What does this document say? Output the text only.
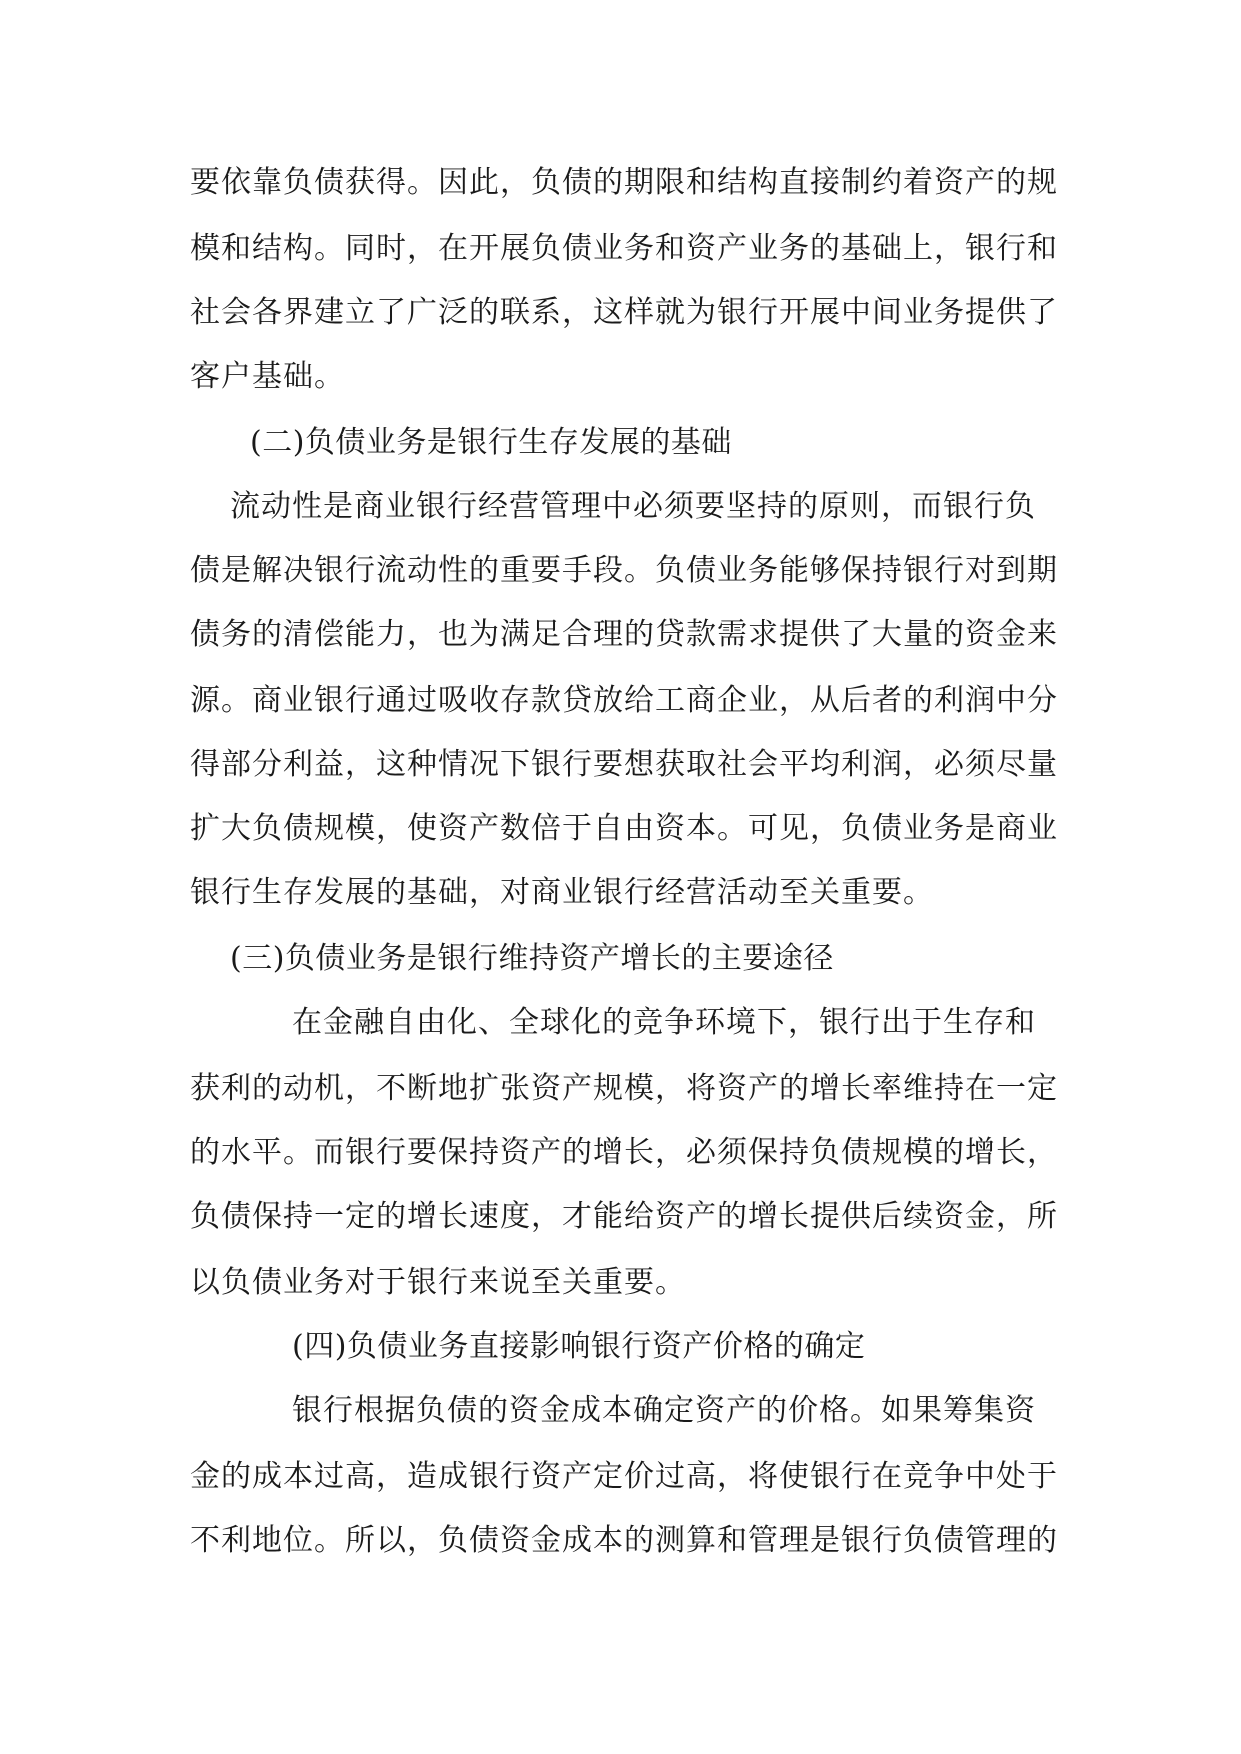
要依靠负债获得。因此，负债的期限和结构直接制约着资产的规
模和结构。同时，在开展负债业务和资产业务的基础上，银行和
社会各界建立了广泛的联系，这样就为银行开展中间业务提供了
客户基础。
(二)负债业务是银行生存发展的基础
流动性是商业银行经营管理中必须要坚持的原则，而银行负
债是解决银行流动性的重要手段。负债业务能够保持银行对到期
债务的清偿能力，也为满足合理的贷款需求提供了大量的资金来
源。商业银行通过吸收存款贷放给工商企业，从后者的利润中分
得部分利益，这种情况下银行要想获取社会平均利润，必须尽量
扩大负债规模，使资产数倍于自由资本。可见，负债业务是商业
银行生存发展的基础，对商业银行经营活动至关重要。
(三)负债业务是银行维持资产增长的主要途径
在金融自由化、全球化的竞争环境下，银行出于生存和
获利的动机，不断地扩张资产规模，将资产的增长率维持在一定
的水平。而银行要保持资产的增长，必须保持负债规模的增长，
负债保持一定的增长速度，才能给资产的增长提供后续资金，所
以负债业务对于银行来说至关重要。
(四)负债业务直接影响银行资产价格的确定
银行根据负债的资金成本确定资产的价格。如果筹集资
金的成本过高，造成银行资产定价过高，将使银行在竞争中处于
不利地位。所以，负债资金成本的测算和管理是银行负债管理的
